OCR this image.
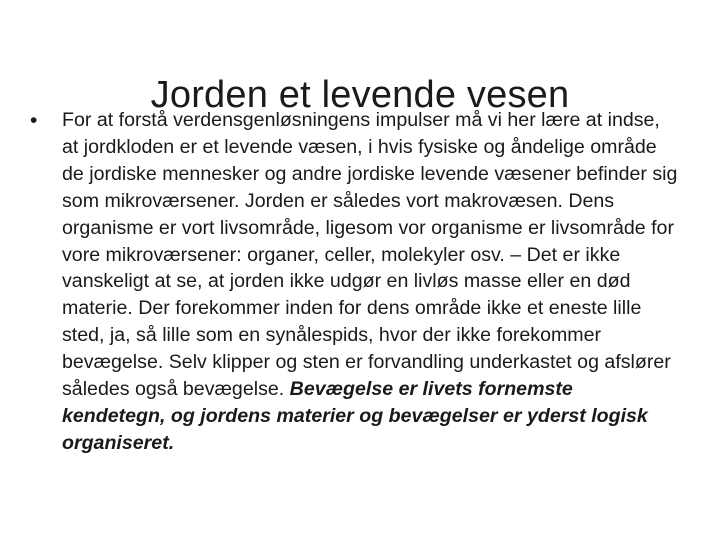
Jorden et levende vesen
• For at forstå verdensgenløsningens impulser må vi her lære at indse, at jordkloden er et levende væsen, i hvis fysiske og åndelige område de jordiske mennesker og andre jordiske levende væsener befinder sig som mikroværsener. Jorden er således vort makrovæsen. Dens organisme er vort livsområde, ligesom vor organisme er livsområde for vore mikroværsener: organer, celler, molekyler osv. – Det er ikke vanskeligt at se, at jorden ikke udgør en livløs masse eller en død materie. Der forekommer inden for dens område ikke et eneste lille sted, ja, så lille som en synålespids, hvor der ikke forekommer bevægelse. Selv klipper og sten er forvandling underkastet og afslører således også bevægelse. Bevægelse er livets fornemste kendetegn, og jordens materier og bevægelser er yderst logisk organiseret.
